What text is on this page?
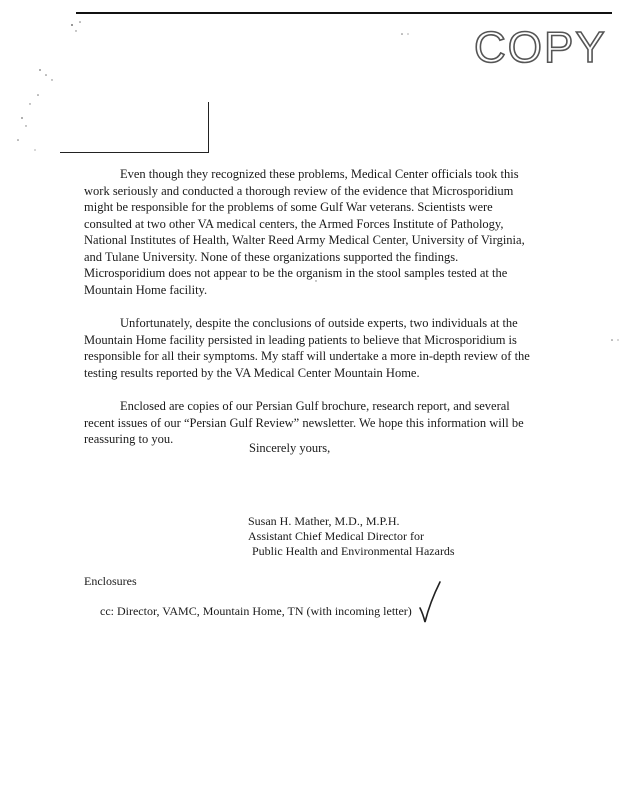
COPY

Even though they recognized these problems, Medical Center officials took this
work seriously and conducted a thorough review of the evidence that Microsporidium
might be responsible for the problems of some Gulf War veterans. Scientists were
consulted at two other VA medical centers, the Armed Forces Institute of Pathology,
National Institutes of Health, Walter Reed Army Medical Center, University of Virginia,
and Tulane University. None of these organizations supported the findings.
Microsporidium does not appear to be the organism in the stool samples tested at the
Mountain Home facility.

Unfortunately, despite the conclusions of outside experts, two individuals at the
Mountain Home facility persisted in leading patients to believe that Microsporidium is
responsible for all their symptoms. My staff will undertake a more in-depth review of the
testing results reported by the VA Medical Center Mountain Home.

Enclosed are copies of our Persian Gulf brochure, research report, and several
recent issues of our “Persian Gulf Review” newsletter. We hope this information will be
reassuring to you.

Sincerely yours,
Susan H. Mather, M.D., M.P.H.
Assistant Chief Medical Director for
Public Health and Environmental Hazards
Enclosures
cc: Director, VAMC, Mountain Home, TN (with incoming letter)
